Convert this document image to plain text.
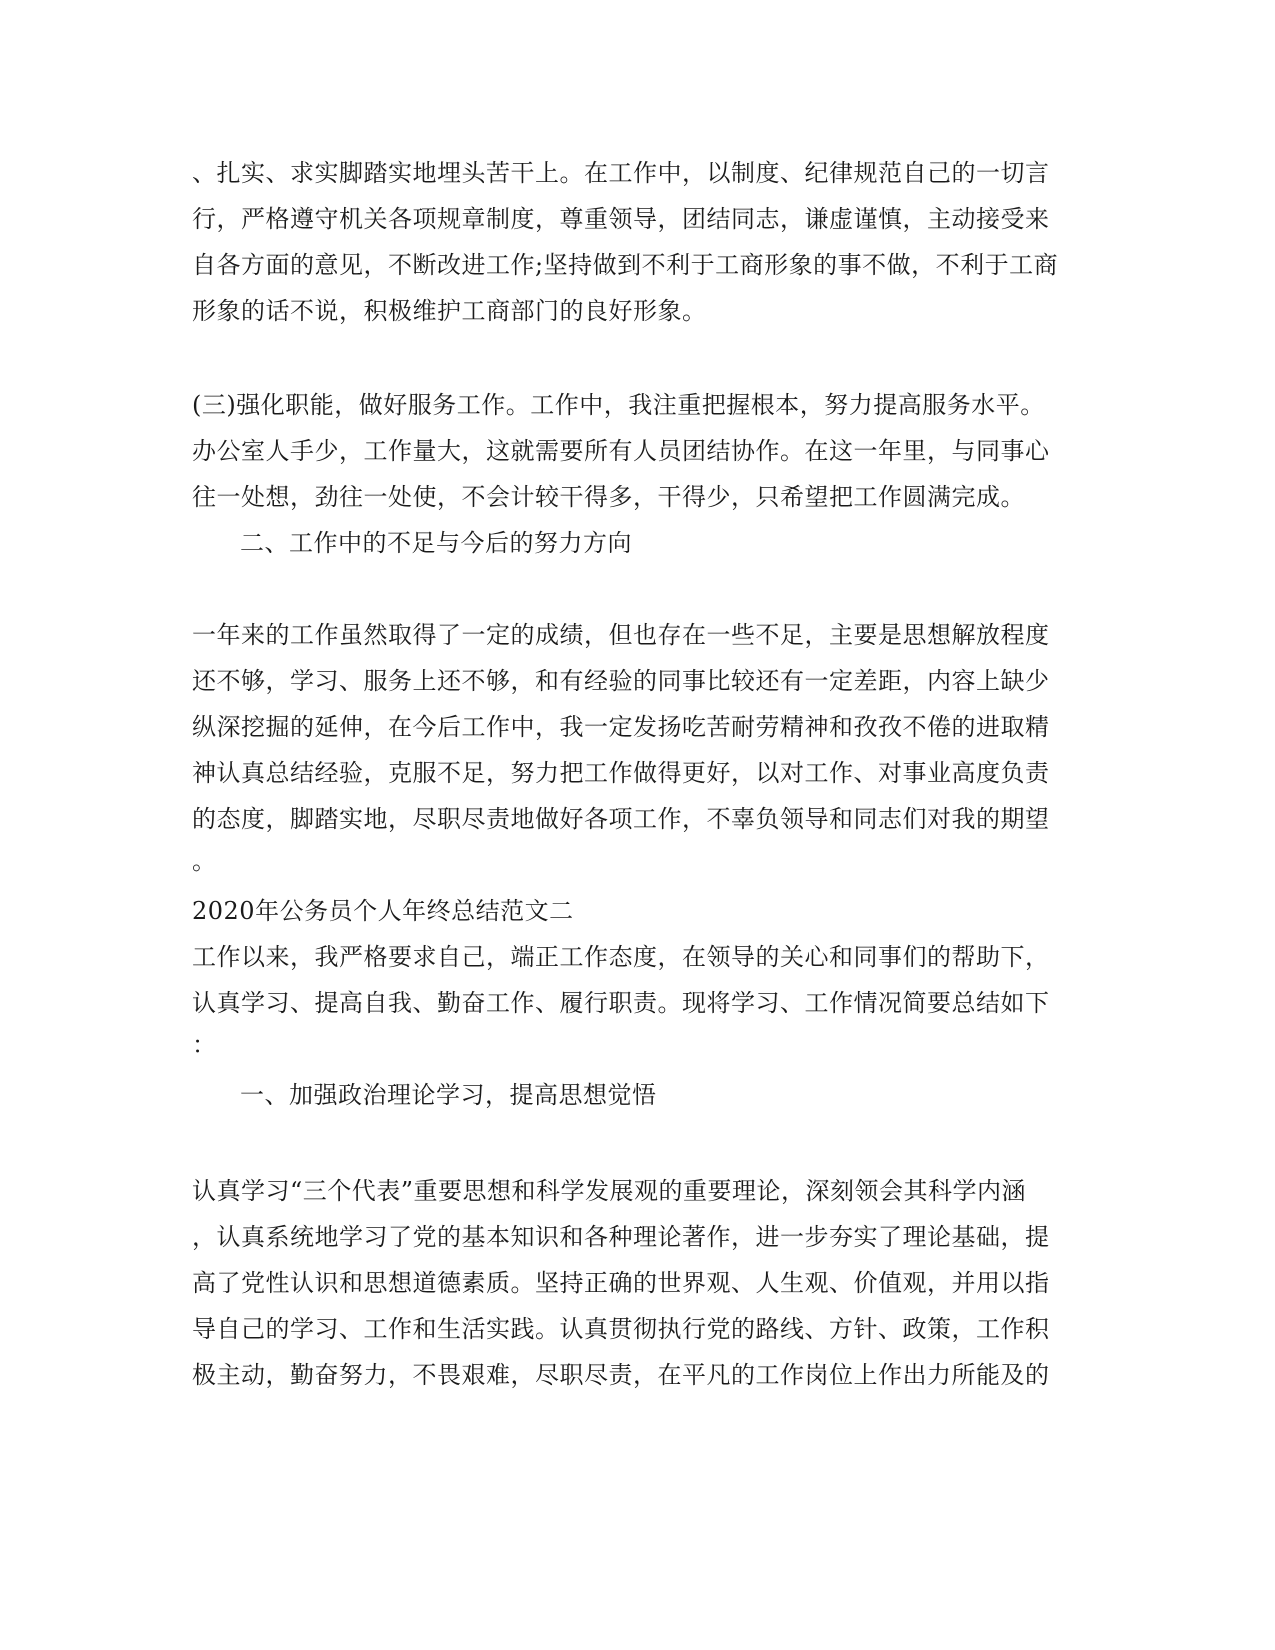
、扎实、求实脚踏实地埋头苦干上。在工作中，以制度、纪律规范自己的一切言
行，严格遵守机关各项规章制度，尊重领导，团结同志，谦虚谨慎，主动接受来
自各方面的意见，不断改进工作;坚持做到不利于工商形象的事不做，不利于工商
形象的话不说，积极维护工商部门的良好形象。
(三)强化职能，做好服务工作。工作中，我注重把握根本，努力提高服务水平。
办公室人手少，工作量大，这就需要所有人员团结协作。在这一年里，与同事心
往一处想，劲往一处使，不会计较干得多，干得少，只希望把工作圆满完成。
二、工作中的不足与今后的努力方向
一年来的工作虽然取得了一定的成绩，但也存在一些不足，主要是思想解放程度
还不够，学习、服务上还不够，和有经验的同事比较还有一定差距，内容上缺少
纵深挖掘的延伸，在今后工作中，我一定发扬吃苦耐劳精神和孜孜不倦的进取精
神认真总结经验，克服不足，努力把工作做得更好，以对工作、对事业高度负责
的态度，脚踏实地，尽职尽责地做好各项工作，不辜负领导和同志们对我的期望
。
2020年公务员个人年终总结范文二
工作以来，我严格要求自己，端正工作态度，在领导的关心和同事们的帮助下，
认真学习、提高自我、勤奋工作、履行职责。现将学习、工作情况简要总结如下
：
一、加强政治理论学习，提高思想觉悟
认真学习“三个代表”重要思想和科学发展观的重要理论，深刻领会其科学内涵
，认真系统地学习了党的基本知识和各种理论著作，进一步夯实了理论基础，提
高了党性认识和思想道德素质。坚持正确的世界观、人生观、价值观，并用以指
导自己的学习、工作和生活实践。认真贯彻执行党的路线、方针、政策，工作积
极主动，勤奋努力，不畏艰难，尽职尽责，在平凡的工作岗位上作出力所能及的
